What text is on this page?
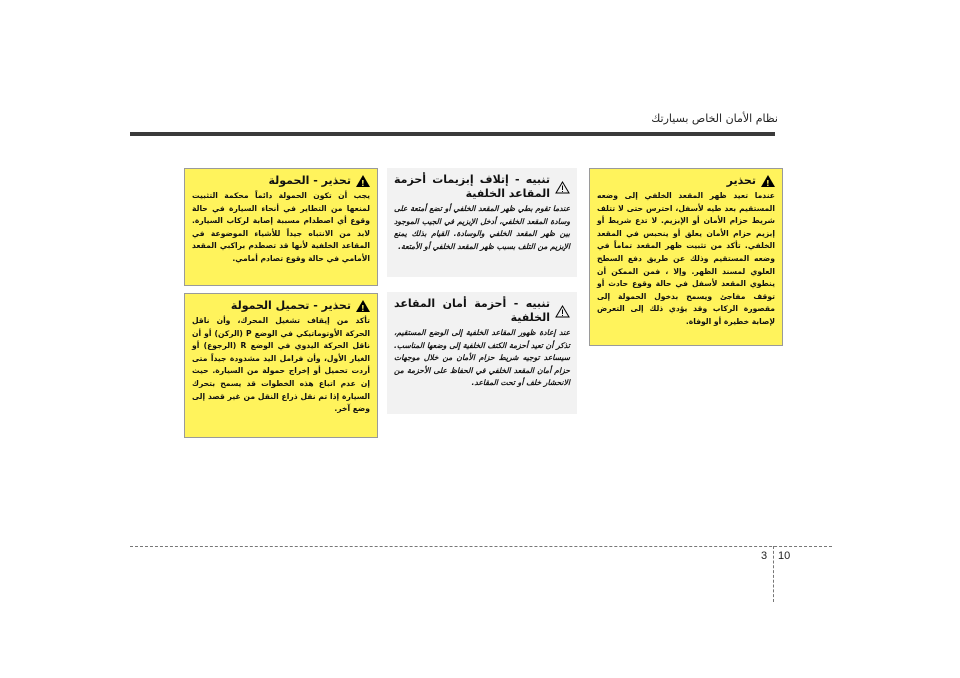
نظام الأمان الخاص بسيارتك
!
تحذير

عندما تعيد ظهر المقعد الخلفي إلى وضعه المستقيم بعد طيه لأسفل، احترس حتى لا تتلف شريط حزام الأمان أو الإبزيم. لا تدع شريط أو إبزيم حزام الأمان يعلق أو ينحبس في المقعد الخلفي. تأكد من تثبيت ظهر المقعد تماماً في وضعه المستقيم وذلك عن طريق دفع السطح العلوي لمسند الظهر. وإلا ، فمن الممكن أن ينطوي المقعد لأسفل في حالة وقوع حادث أو توقف مفاجئ ويسمح بدخول الحمولة إلى مقصورة الركاب وقد يؤدي ذلك إلى التعرض لإصابة خطيرة أو الوفاة.

تنبيه - إتلاف إبزيمات أحزمة المقاعد الخلفية

عندما تقوم بطي ظهر المقعد الخلفي أو تضع أمتعة على وسادة المقعد الخلفي، أدخل الإبزيم في الجيب الموجود بين ظهر المقعد الخلفي والوسادة. القيام بذلك يمنع الإبزيم من التلف بسبب ظهر المقعد الخلفي أو الأمتعة.

تنبيه - أحزمة أمان المقاعد الخلفية

عند إعادة ظهور المقاعد الخلفية إلى الوضع المستقيم، تذكر أن تعيد أحزمة الكتف الخلفية إلى وضعها المناسب. سيساعد توجيه شريط حزام الأمان من خلال موجهات حزام أمان المقعد الخلفي في الحفاظ على الأحزمة من الانحشار خلف أو تحت المقاعد.

!
تحذير - الحمولة

يجب أن تكون الحمولة دائماً محكمة التثبيت لمنعها من التطاير في أنحاء السيارة في حالة وقوع أي اصطدام مسببة إصابة لركاب السيارة. لابد من الانتباه جيداً للأشياء الموضوعة في المقاعد الخلفية لأنها قد تصطدم براكبي المقعد الأمامي في حالة وقوع تصادم أمامي.

!
تحذير - تحميل الحمولة

تأكد من إيقاف تشغيل المحرك، وأن ناقل الحركة الأوتوماتيكي في الوضع P (الركن) أو أن ناقل الحركة اليدوي في الوضع R (الرجوع) أو الغيار الأول، وأن فرامل اليد مشدودة جيداً متى أردت تحميل أو إخراج حمولة من السيارة. حيث إن عدم اتباع هذه الخطوات قد يسمح بتحرك السيارة إذا تم نقل ذراع النقل من غير قصد إلى وضع آخر.

3 10
